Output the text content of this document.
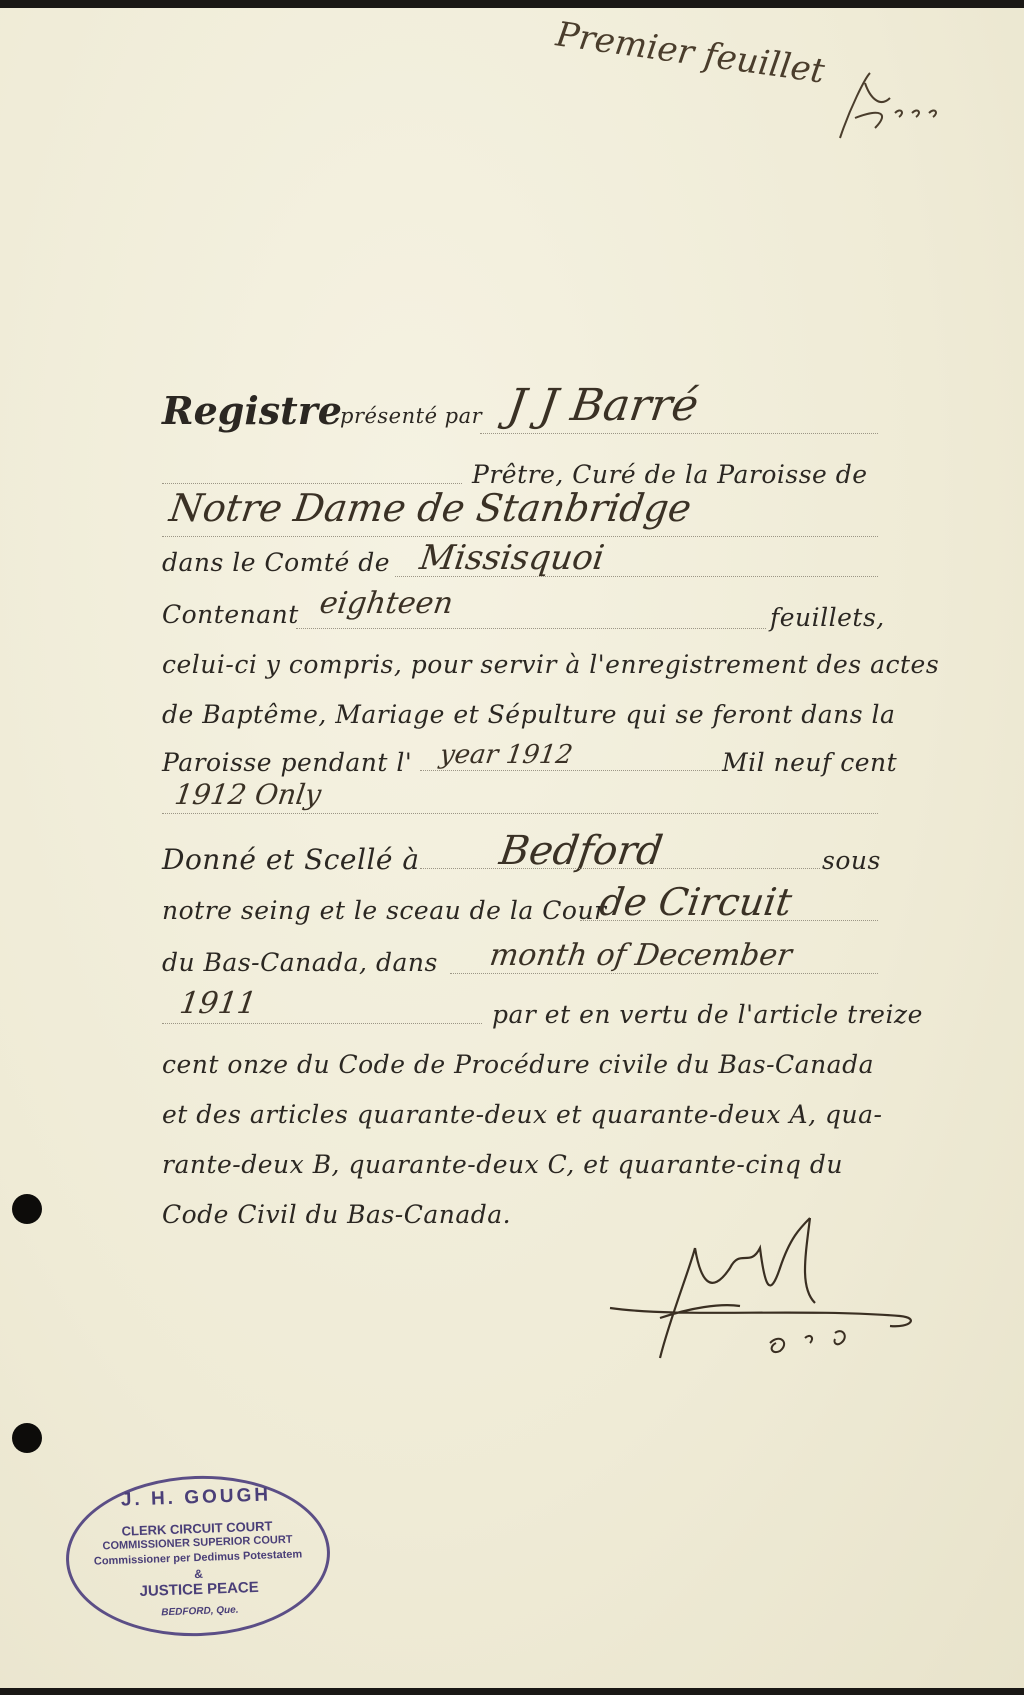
Premier feuillet
Registre
présenté par J J Barré
Prêtre, Curé de la Paroisse de
Notre Dame de Stanbridge
dans le Comté de Missisquoi
Contenant eighteen	feuillets,
celui-ci y compris, pour servir à l'enregistrement des actes
de Baptême, Mariage et Sépulture qui se feront dans la
Paroisse pendant l' year 1912	Mil neuf cent
1912 Only
Donné et Scellé à Bedford	sous
notre seing et le sceau de la Cour
de Circuit
du Bas-Canada, dans month of December
1911	par et en vertu de l'article treize
cent onze du Code de Procédure civile du Bas-Canada
et des articles quarante-deux et quarante-deux A, qua-
rante-deux B, quarante-deux C, et quarante-cinq du
Code Civil du Bas-Canada.
J. H. GOUGH
CLERK CIRCUIT COURT
COMMISSIONER SUPERIOR COURT
Commissioner per Dedimus Potestatem
&
JUSTICE PEACE
BEDFORD, Que.
